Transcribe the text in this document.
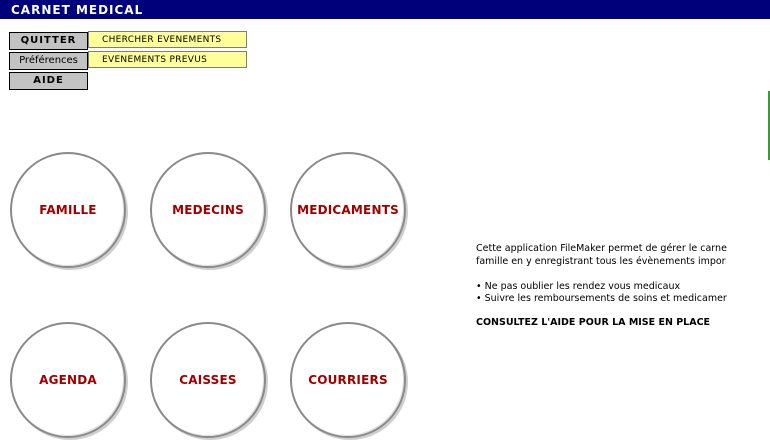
CARNET MEDICAL
QUITTER
Préférences
AIDE
CHERCHER EVENEMENTS
EVENEMENTS PREVUS
FAMILLE	MEDECINS	MEDICAMENTS
AGENDA	CAISSES	COURRIERS
Cette application FileMaker permet de gérer le carne
famille en y enregistrant tous les évènements impor
• Ne pas oublier les rendez vous medicaux
• Suivre les remboursements de soins et medicamer
CONSULTEZ L'AIDE POUR LA MISE EN PLACE
